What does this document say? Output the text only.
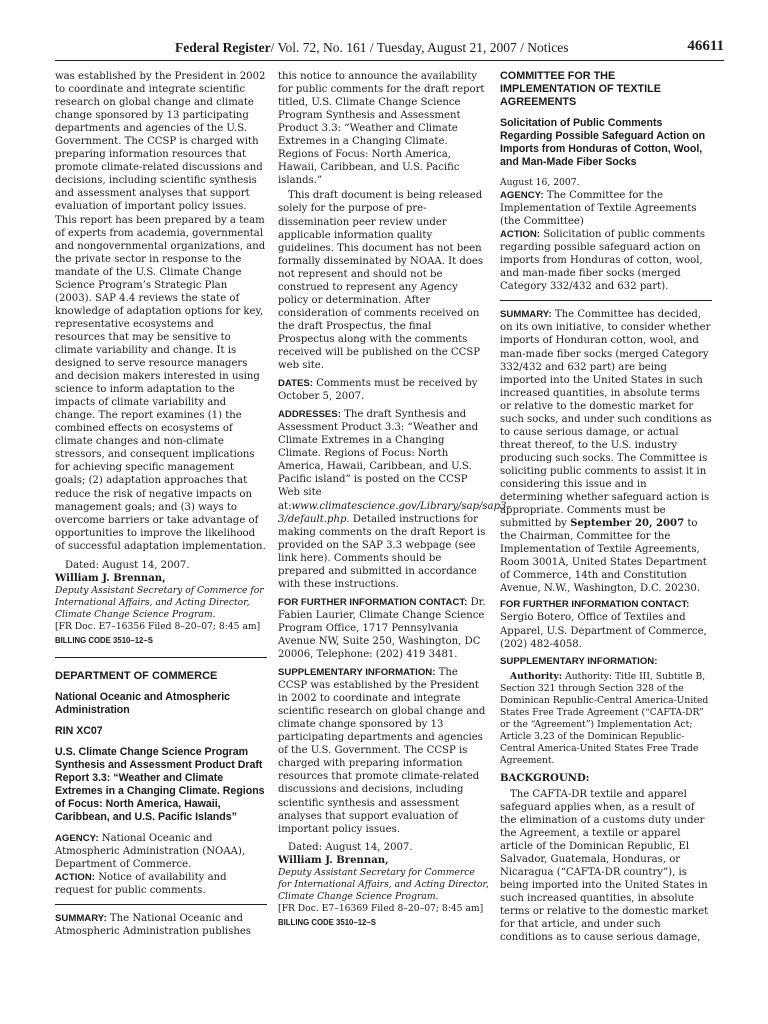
Federal Register/ Vol. 72, No. 161 / Tuesday, August 21, 2007 / Notices	46611

was established by the President in 2002 to coordinate and integrate scientific research on global change and climate change sponsored by 13 participating departments and agencies of the U.S. Government. The CCSP is charged with preparing information resources that promote climate-related discussions and decisions, including scientific synthesis and assessment analyses that support evaluation of important policy issues. This report has been prepared by a team of experts from academia, governmental and nongovernmental organizations, and the private sector in response to the mandate of the U.S. Climate Change Science Program’s Strategic Plan (2003). SAP 4.4 reviews the state of knowledge of adaptation options for key, representative ecosystems and resources that may be sensitive to climate variability and change. It is designed to serve resource managers and decision makers interested in using science to inform adaptation to the impacts of climate variability and change. The report examines (1) the combined effects on ecosystems of climate changes and non-climate stressors, and consequent implications for achieving specific management goals; (2) adaptation approaches that reduce the risk of negative impacts on management goals; and (3) ways to overcome barriers or take advantage of opportunities to improve the likelihood of successful adaptation implementation.

Dated: August 14, 2007.

William J. Brennan,

Deputy Assistant Secretary of Commerce for International Affairs, and Acting Director, Climate Change Science Program.

[FR Doc. E7–16356 Filed 8–20–07; 8:45 am]

BILLING CODE 3510–12–S

DEPARTMENT OF COMMERCE

National Oceanic and Atmospheric Administration

RIN XC07

U.S. Climate Change Science Program Synthesis and Assessment Product Draft Report 3.3: “Weather and Climate Extremes in a Changing Climate. Regions of Focus: North America, Hawaii, Caribbean, and U.S. Pacific Islands”

AGENCY: National Oceanic and Atmospheric Administration (NOAA), Department of Commerce.

ACTION: Notice of availability and request for public comments.

SUMMARY: The National Oceanic and Atmospheric Administration publishes

this notice to announce the availability for public comments for the draft report titled, U.S. Climate Change Science Program Synthesis and Assessment Product 3.3: “Weather and Climate Extremes in a Changing Climate. Regions of Focus: North America, Hawaii, Caribbean, and U.S. Pacific islands.”

This draft document is being released solely for the purpose of pre-dissemination peer review under applicable information quality guidelines. This document has not been formally disseminated by NOAA. It does not represent and should not be construed to represent any Agency policy or determination. After consideration of comments received on the draft Prospectus, the final Prospectus along with the comments received will be published on the CCSP web site.

DATES: Comments must be received by October 5, 2007.

ADDRESSES: The draft Synthesis and Assessment Product 3.3: “Weather and Climate Extremes in a Changing Climate. Regions of Focus: North America, Hawaii, Caribbean, and U.S. Pacific island” is posted on the CCSP Web site at:www.climatescience.gov/Library/sap/sap3–3/default.php. Detailed instructions for making comments on the draft Report is provided on the SAP 3.3 webpage (see link here). Comments should be prepared and submitted in accordance with these instructions.

FOR FURTHER INFORMATION CONTACT: Dr. Fabien Laurier, Climate Change Science Program Office, 1717 Pennsylvania Avenue NW, Suite 250, Washington, DC 20006, Telephone: (202) 419 3481.

SUPPLEMENTARY INFORMATION: The CCSP was established by the President in 2002 to coordinate and integrate scientific research on global change and climate change sponsored by 13 participating departments and agencies of the U.S. Government. The CCSP is charged with preparing information resources that promote climate-related discussions and decisions, including scientific synthesis and assessment analyses that support evaluation of important policy issues.

Dated: August 14, 2007.

William J. Brennan,

Deputy Assistant Secretary for Commerce for International Affairs, and Acting Director, Climate Change Science Program.

[FR Doc. E7–16369 Filed 8–20–07; 8:45 am]

BILLING CODE 3510–12–S

COMMITTEE FOR THE IMPLEMENTATION OF TEXTILE AGREEMENTS

Solicitation of Public Comments Regarding Possible Safeguard Action on Imports from Honduras of Cotton, Wool, and Man-Made Fiber Socks

August 16, 2007.

AGENCY: The Committee for the Implementation of Textile Agreements (the Committee)

ACTION: Solicitation of public comments regarding possible safeguard action on imports from Honduras of cotton, wool, and man-made fiber socks (merged Category 332/432 and 632 part).

SUMMARY: The Committee has decided, on its own initiative, to consider whether imports of Honduran cotton, wool, and man-made fiber socks (merged Category 332/432 and 632 part) are being imported into the United States in such increased quantities, in absolute terms or relative to the domestic market for such socks, and under such conditions as to cause serious damage, or actual threat thereof, to the U.S. industry producing such socks. The Committee is soliciting public comments to assist it in considering this issue and in determining whether safeguard action is appropriate. Comments must be submitted by September 20, 2007 to the Chairman, Committee for the Implementation of Textile Agreements, Room 3001A, United States Department of Commerce, 14th and Constitution Avenue, N.W., Washington, D.C. 20230.

FOR FURTHER INFORMATION CONTACT: Sergio Botero, Office of Textiles and Apparel, U.S. Department of Commerce, (202) 482-4058.

SUPPLEMENTARY INFORMATION:

Authority: Authority: Title III, Subtitle B, Section 321 through Section 328 of the Dominican Republic-Central America-United States Free Trade Agreement (“CAFTA-DR” or the “Agreement”) Implementation Act; Article 3.23 of the Dominican Republic-Central America-United States Free Trade Agreement.

BACKGROUND:

The CAFTA-DR textile and apparel safeguard applies when, as a result of the elimination of a customs duty under the Agreement, a textile or apparel article of the Dominican Republic, El Salvador, Guatemala, Honduras, or Nicaragua (“CAFTA-DR country”), is being imported into the United States in such increased quantities, in absolute terms or relative to the domestic market for that article, and under such conditions as to cause serious damage,
